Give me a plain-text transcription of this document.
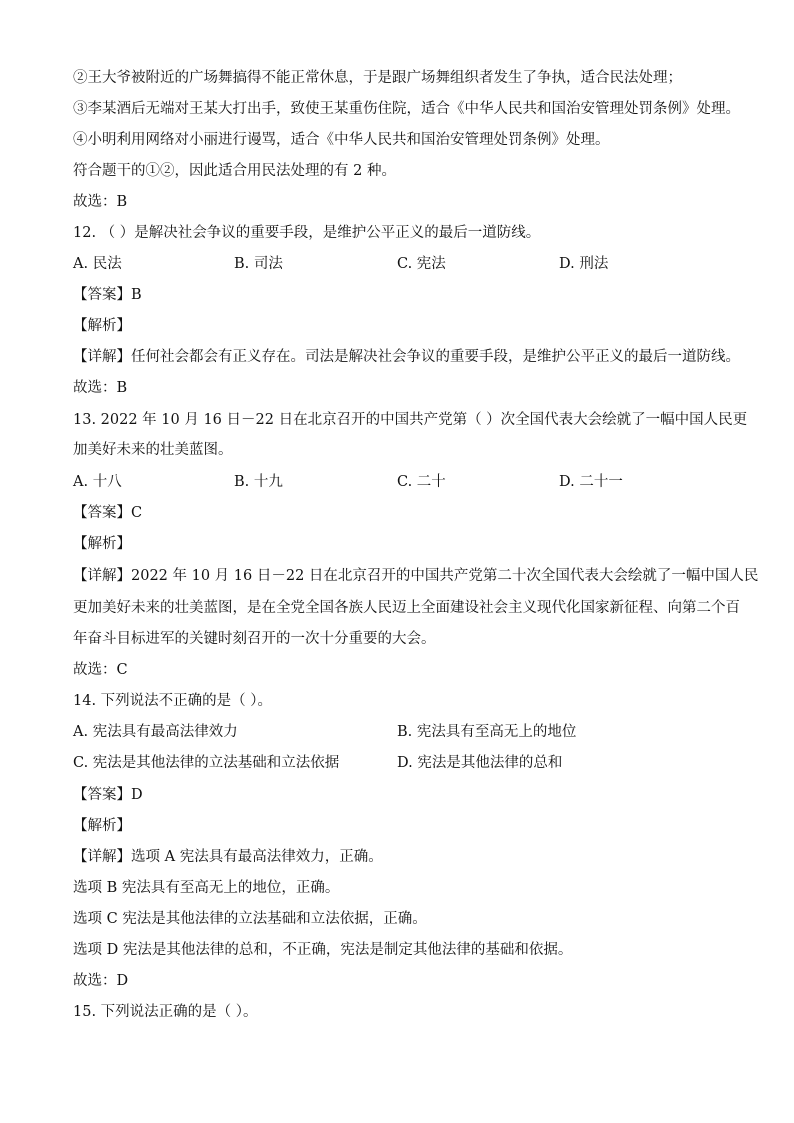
②王大爷被附近的广场舞搞得不能正常休息，于是跟广场舞组织者发生了争执，适合民法处理；
③李某酒后无端对王某大打出手，致使王某重伤住院，适合《中华人民共和国治安管理处罚条例》处理。
④小明利用网络对小丽进行谩骂，适合《中华人民共和国治安管理处罚条例》处理。
符合题干的①②，因此适合用民法处理的有 2 种。
故选：B
12. （ ）是解决社会争议的重要手段，是维护公平正义的最后一道防线。
A. 民法	B. 司法	C. 宪法	D. 刑法
【答案】B
【解析】
【详解】任何社会都会有正义存在。司法是解决社会争议的重要手段，是维护公平正义的最后一道防线。
故选：B
13. 2022 年 10 月 16 日－22 日在北京召开的中国共产党第（ ）次全国代表大会绘就了一幅中国人民更
加美好未来的壮美蓝图。
A. 十八	B. 十九	C. 二十	D. 二十一
【答案】C
【解析】
【详解】2022 年 10 月 16 日－22 日在北京召开的中国共产党第二十次全国代表大会绘就了一幅中国人民
更加美好未来的壮美蓝图，是在全党全国各族人民迈上全面建设社会主义现代化国家新征程、向第二个百
年奋斗目标进军的关键时刻召开的一次十分重要的大会。
故选：C
14. 下列说法不正确的是（ ）。
A. 宪法具有最高法律效力	B. 宪法具有至高无上的地位
C. 宪法是其他法律的立法基础和立法依据	D. 宪法是其他法律的总和
【答案】D
【解析】
【详解】选项 A 宪法具有最高法律效力，正确。
选项 B 宪法具有至高无上的地位，正确。
选项 C 宪法是其他法律的立法基础和立法依据，正确。
选项 D 宪法是其他法律的总和，不正确，宪法是制定其他法律的基础和依据。
故选：D
15. 下列说法正确的是（ ）。
